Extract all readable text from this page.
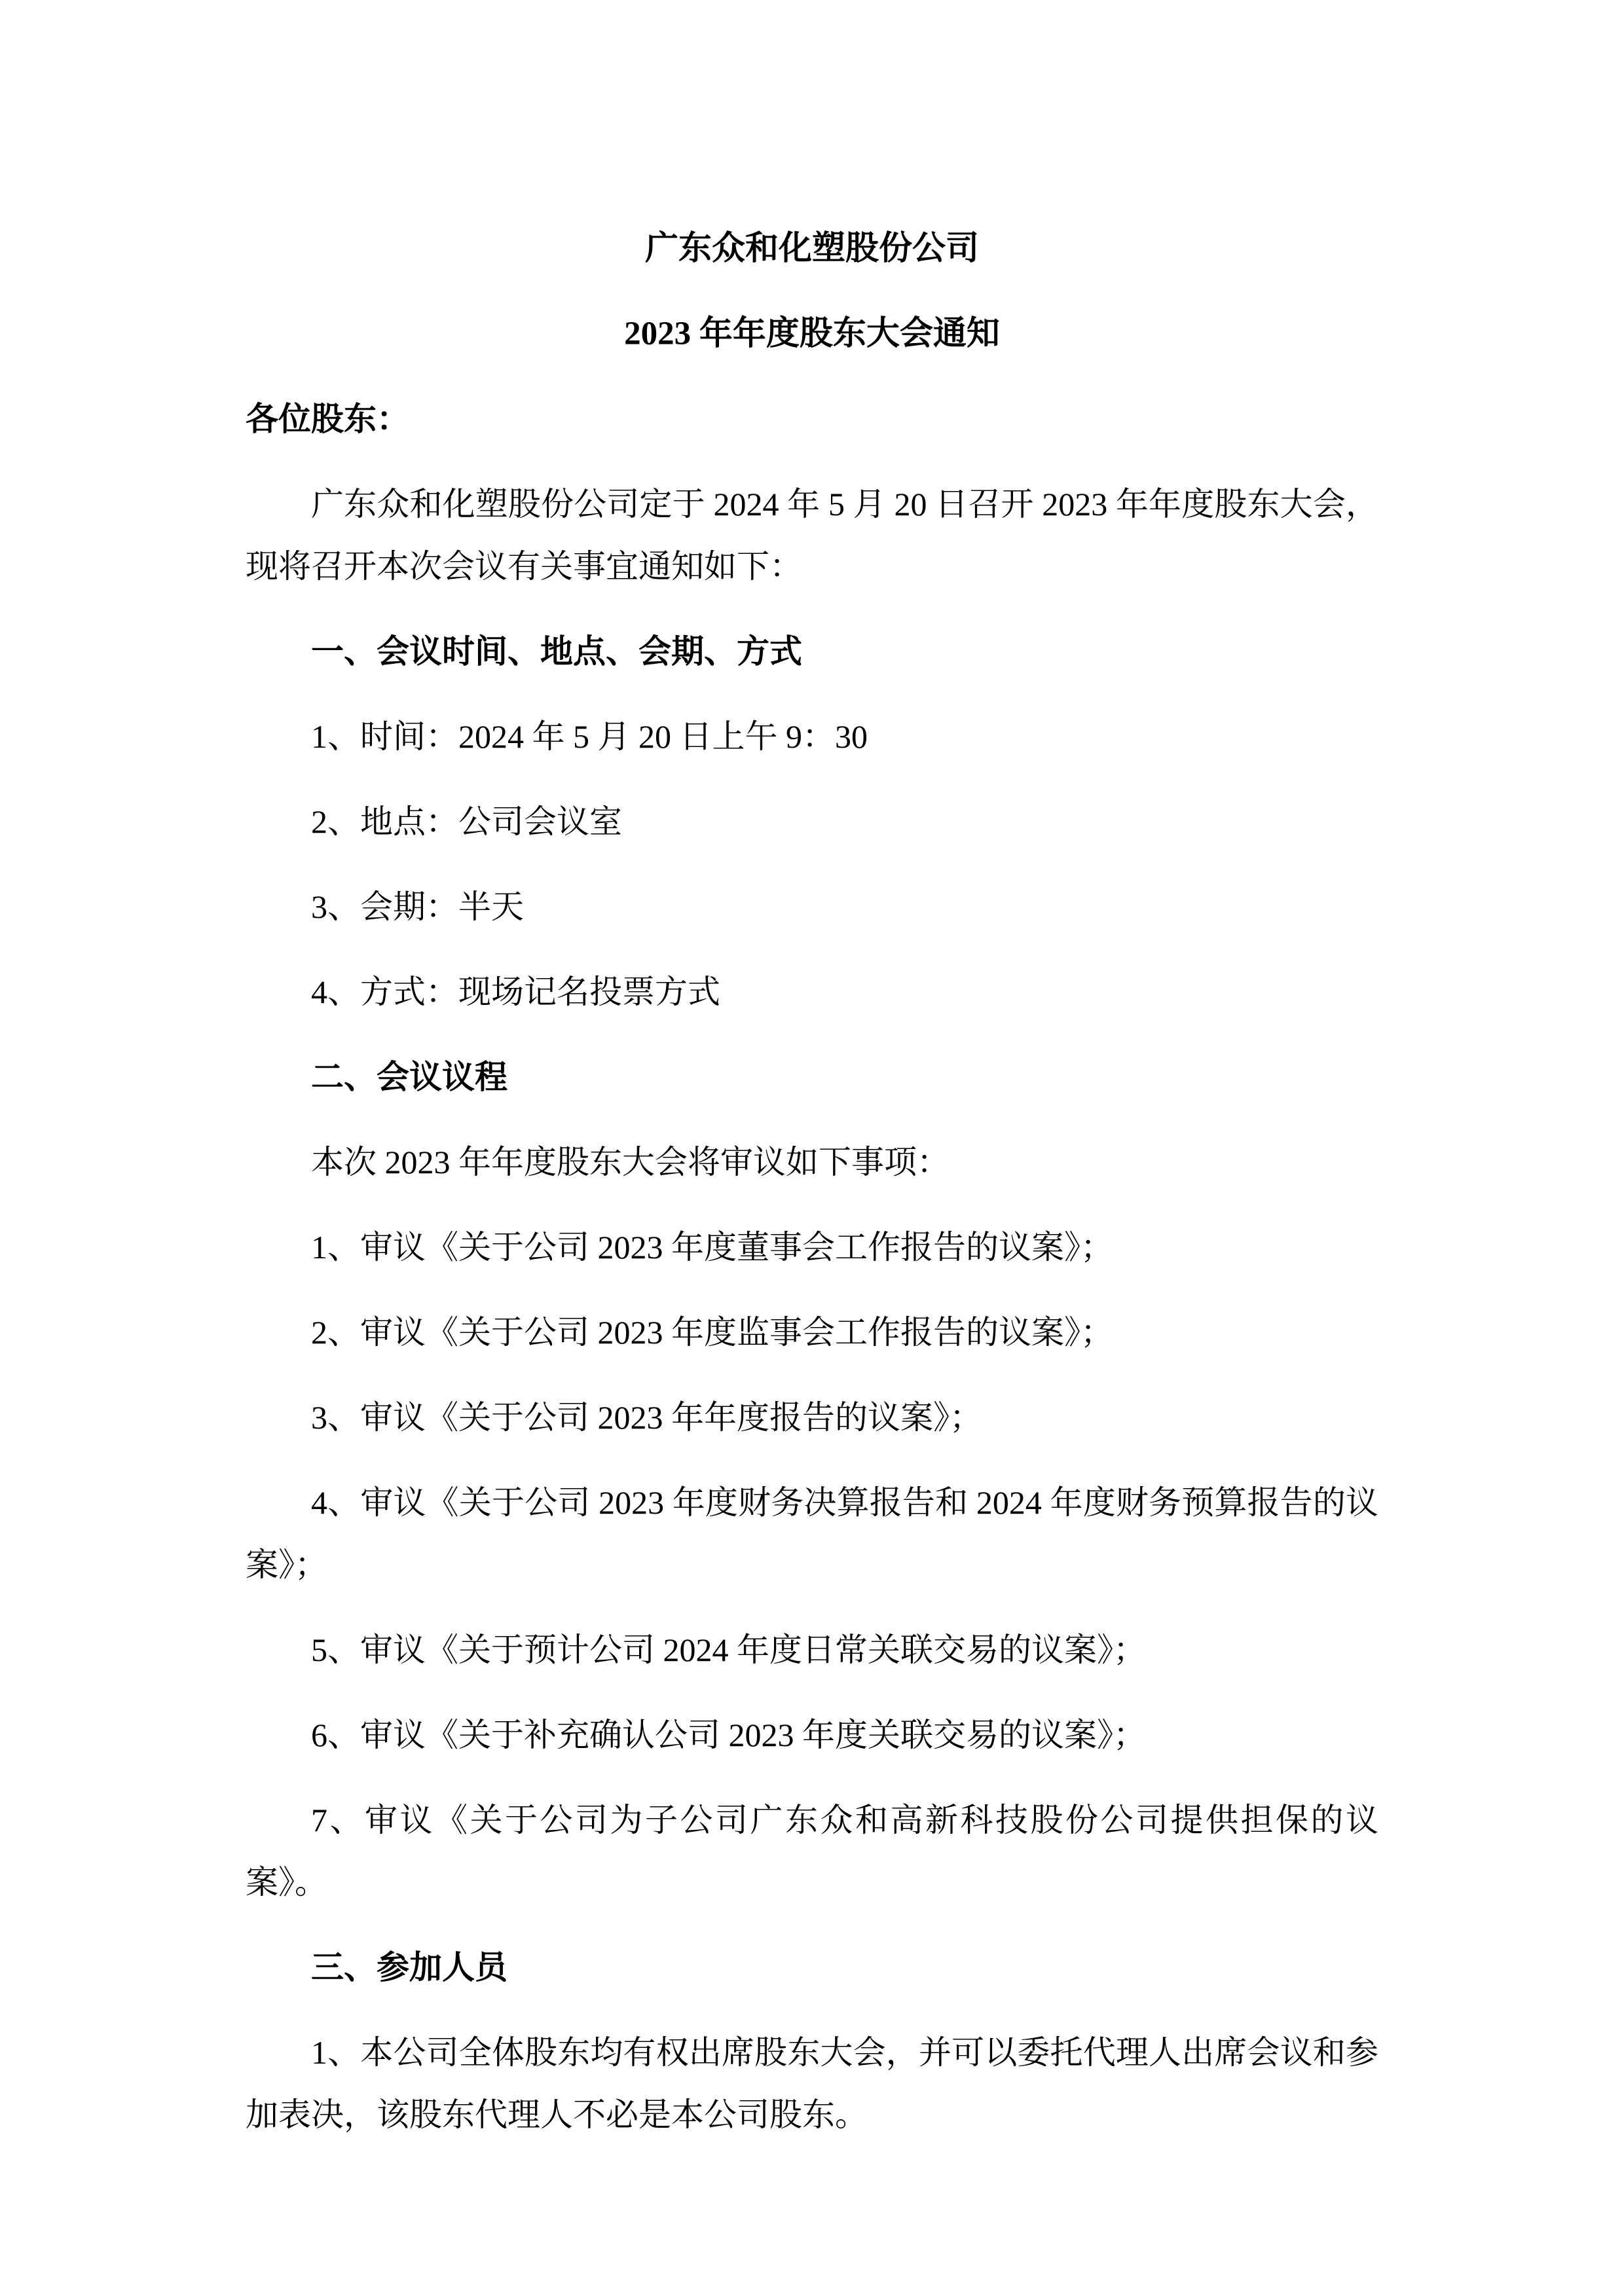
广东众和化塑股份公司
2023 年年度股东大会通知

各位股东：

广东众和化塑股份公司定于 2024 年 5 月 20 日召开 2023 年年度股东大会，现将召开本次会议有关事宜通知如下：

一、会议时间、地点、会期、方式

1、时间：2024 年 5 月 20 日上午 9：30

2、地点：公司会议室

3、会期：半天

4、方式：现场记名投票方式

二、会议议程

本次 2023 年年度股东大会将审议如下事项：

1、审议《关于公司 2023 年度董事会工作报告的议案》；

2、审议《关于公司 2023 年度监事会工作报告的议案》；

3、审议《关于公司 2023 年年度报告的议案》；

4、审议《关于公司 2023 年度财务决算报告和 2024 年度财务预算报告的议案》；

5、审议《关于预计公司 2024 年度日常关联交易的议案》；

6、审议《关于补充确认公司 2023 年度关联交易的议案》；

7、审议《关于公司为子公司广东众和高新科技股份公司提供担保的议案》。

三、参加人员

1、本公司全体股东均有权出席股东大会，并可以委托代理人出席会议和参加表决，该股东代理人不必是本公司股东。
